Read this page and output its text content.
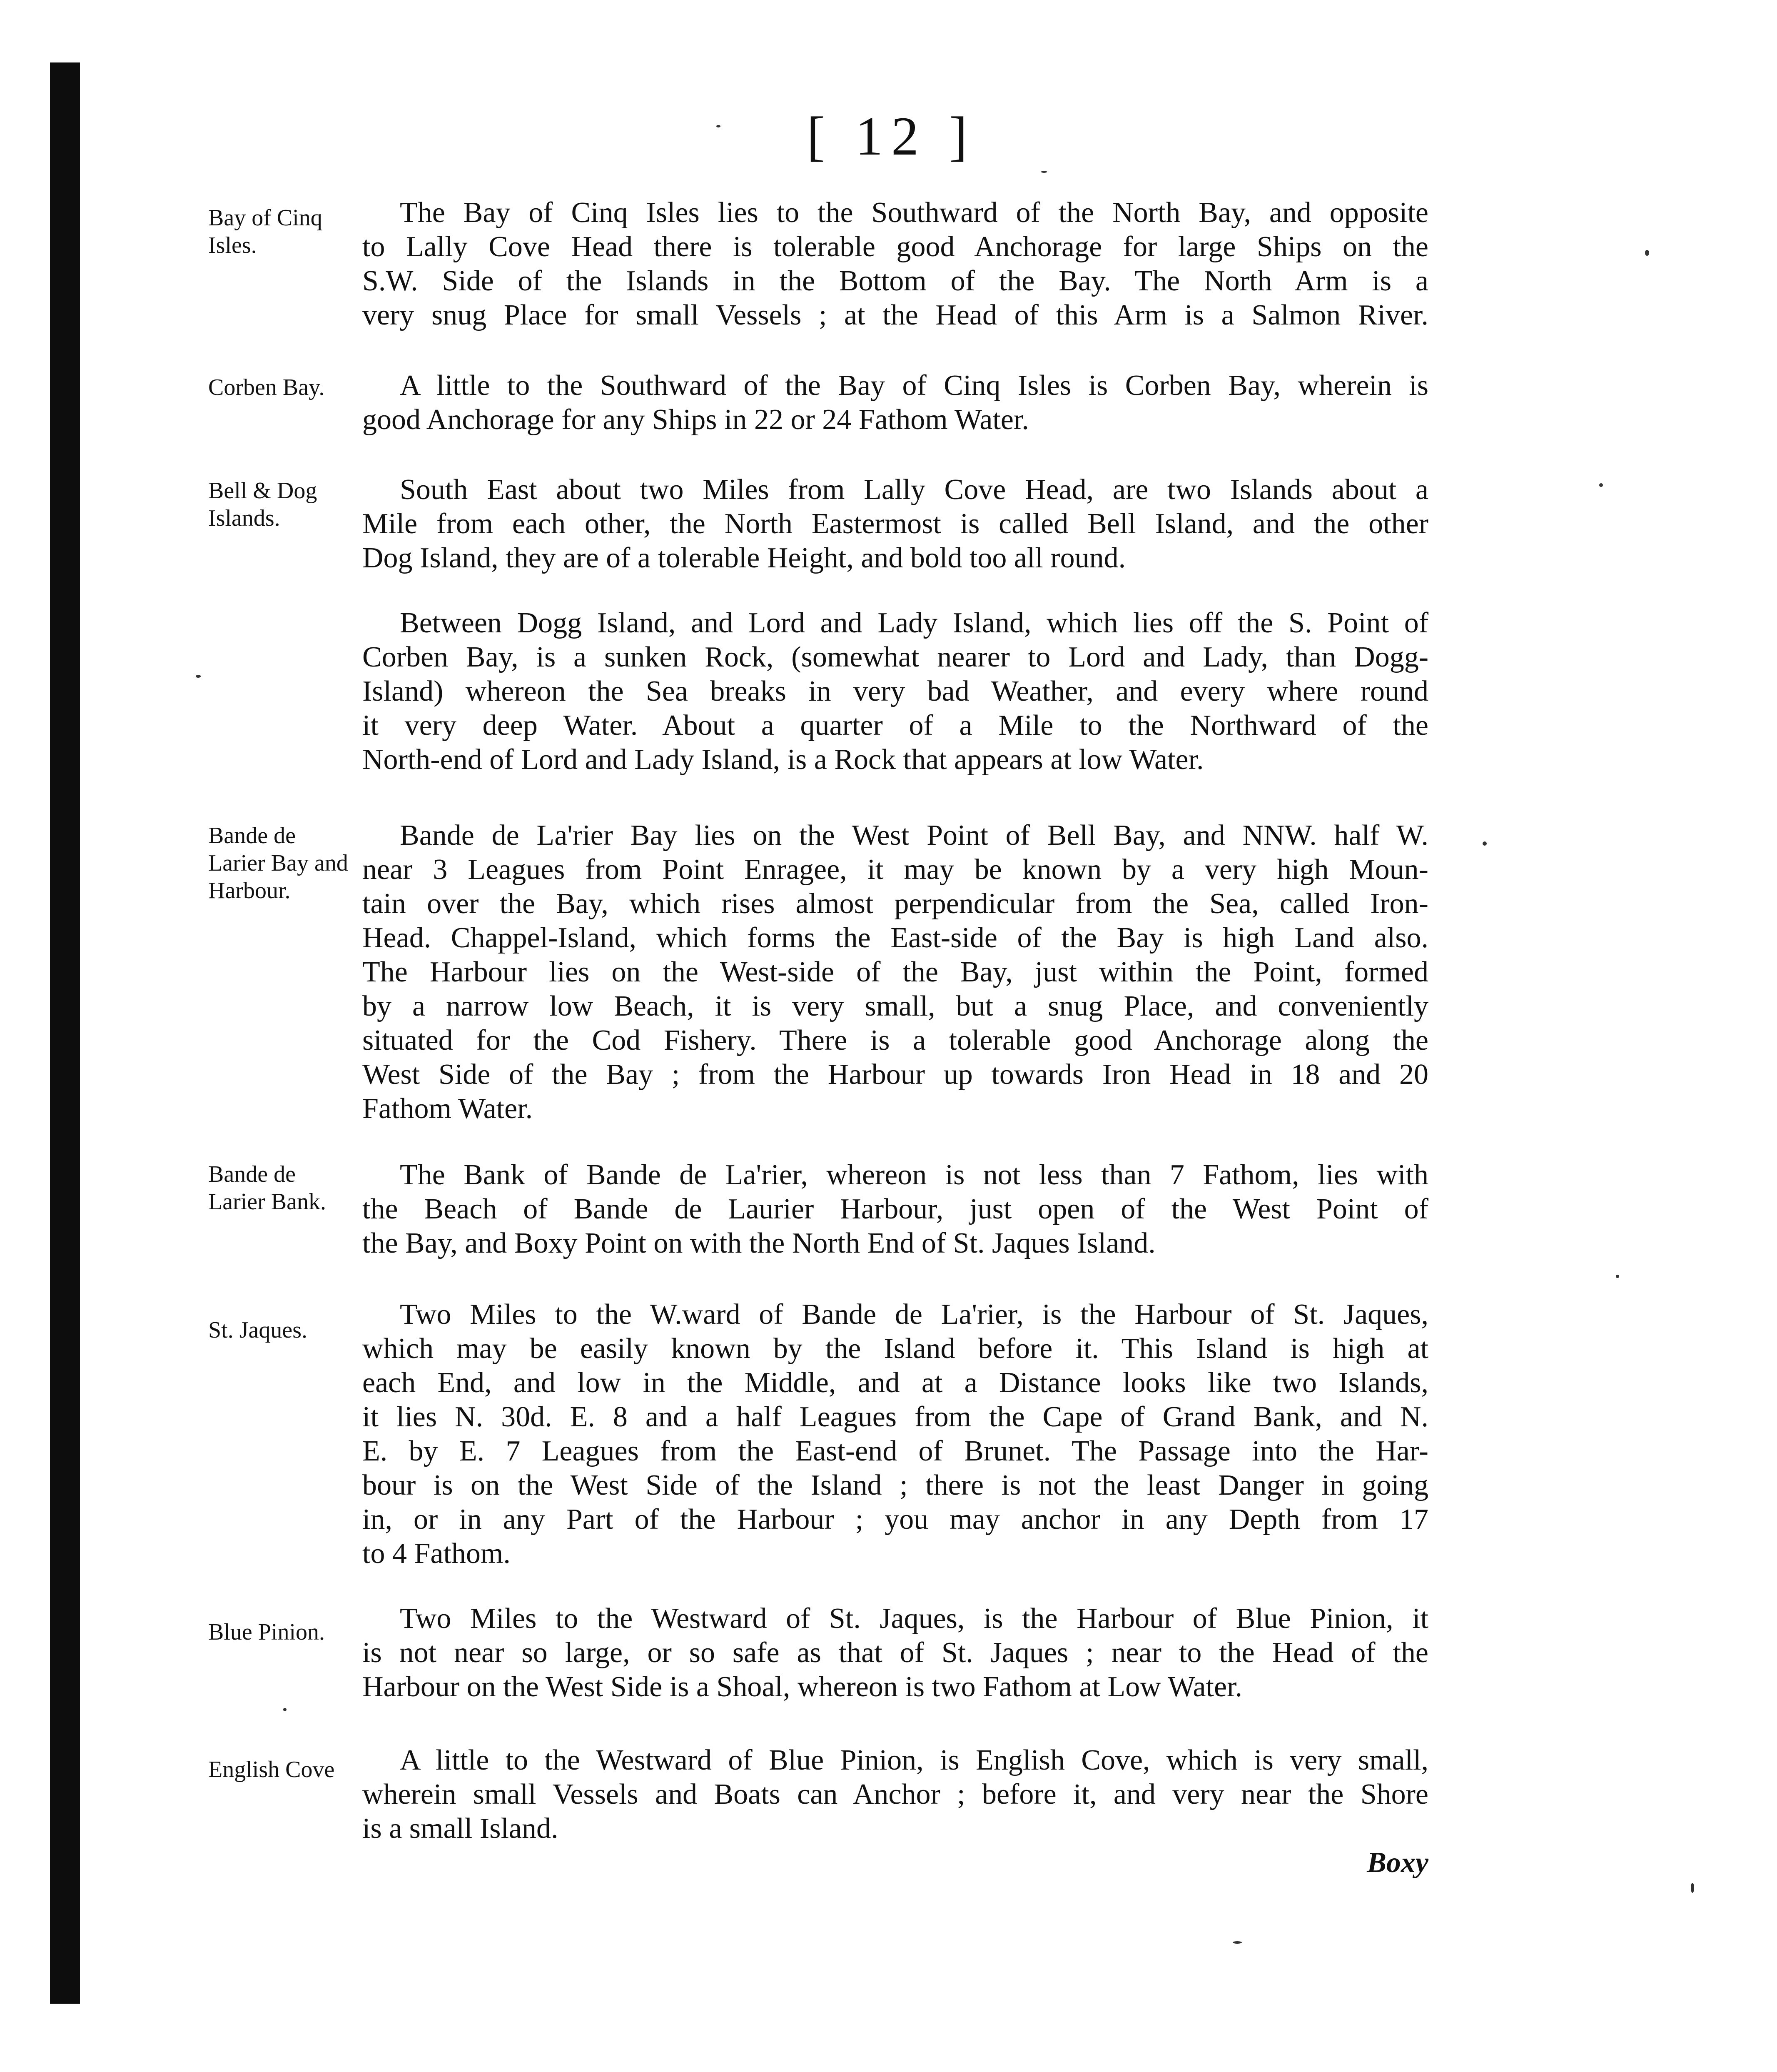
[ 12 ]
Bay of Cinq Isles.

The Bay of Cinq Isles lies to the Southward of the North Bay, and opposite
to Lally Cove Head there is tolerable good Anchorage for large Ships on the
S.W. Side of the Islands in the Bottom of the Bay. The North Arm is a
very snug Place for small Vessels ; at the Head of this Arm is a Salmon River.

Corben Bay.	A little to the Southward of the Bay of Cinq Isles is Corben Bay, wherein is
good Anchorage for any Ships in 22 or 24 Fathom Water.

Bell & Dog Islands.

South East about two Miles from Lally Cove Head, are two Islands about a
Mile from each other, the North Eastermost is called Bell Island, and the other
Dog Island, they are of a tolerable Height, and bold too all round.

Between Dogg Island, and Lord and Lady Island, which lies off the S. Point of
Corben Bay, is a sunken Rock, (somewhat nearer to Lord and Lady, than Dogg-
Island) whereon the Sea breaks in very bad Weather, and every where round
it very deep Water. About a quarter of a Mile to the Northward of the
North-end of Lord and Lady Island, is a Rock that appears at low Water.

Bande de Larier Bay and Harbour.

Bande de La'rier Bay lies on the West Point of Bell Bay, and NNW. half W.
near 3 Leagues from Point Enragee, it may be known by a very high Moun-
tain over the Bay, which rises almost perpendicular from the Sea, called Iron-
Head. Chappel-Island, which forms the East-side of the Bay is high Land also.
The Harbour lies on the West-side of the Bay, just within the Point, formed
by a narrow low Beach, it is very small, but a snug Place, and conveniently
situated for the Cod Fishery. There is a tolerable good Anchorage along the
West Side of the Bay ; from the Harbour up towards Iron Head in 18 and 20
Fathom Water.

Bande de Larier Bank.

The Bank of Bande de La'rier, whereon is not less than 7 Fathom, lies with
the Beach of Bande de Laurier Harbour, just open of the West Point of
the Bay, and Boxy Point on with the North End of St. Jaques Island.

St. Jaques.	Two Miles to the W.ward of Bande de La'rier, is the Harbour of St. Jaques,
which may be easily known by the Island before it. This Island is high at
each End, and low in the Middle, and at a Distance looks like two Islands,
it lies N. 30d. E. 8 and a half Leagues from the Cape of Grand Bank, and N.
E. by E. 7 Leagues from the East-end of Brunet. The Passage into the Har-
bour is on the West Side of the Island ; there is not the least Danger in going
in, or in any Part of the Harbour ; you may anchor in any Depth from 17
to 4 Fathom.

Blue Pinion.	Two Miles to the Westward of St. Jaques, is the Harbour of Blue Pinion, it
is not near so large, or so safe as that of St. Jaques ; near to the Head of the
Harbour on the West Side is a Shoal, whereon is two Fathom at Low Water.

English Cove	A little to the Westward of Blue Pinion, is English Cove, which is very small,
wherein small Vessels and Boats can Anchor ; before it, and very near the Shore
is a small Island.
Boxy
